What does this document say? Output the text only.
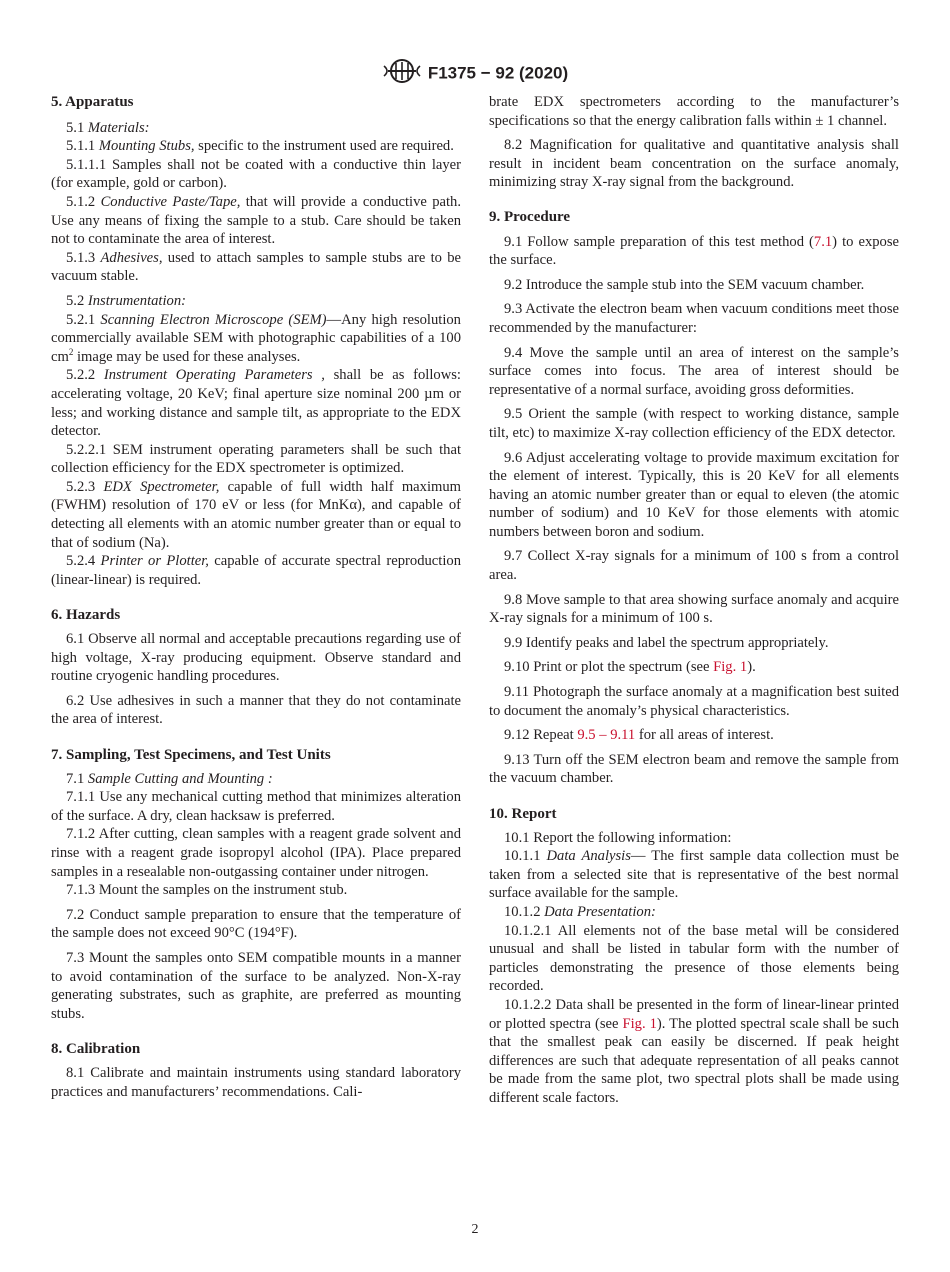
F1375 − 92 (2020)
5. Apparatus

5.1 Materials:

5.1.1 Mounting Stubs, specific to the instrument used are required.

5.1.1.1 Samples shall not be coated with a conductive thin layer (for example, gold or carbon).

5.1.2 Conductive Paste/Tape, that will provide a conductive path. Use any means of fixing the sample to a stub. Care should be taken not to contaminate the area of interest.

5.1.3 Adhesives, used to attach samples to sample stubs are to be vacuum stable.

5.2 Instrumentation:

5.2.1 Scanning Electron Microscope (SEM)—Any high resolution commercially available SEM with photographic capabilities of a 100 $cm^2$ image may be used for these analyses.

5.2.2 Instrument Operating Parameters , shall be as follows: accelerating voltage, 20 KeV; final aperture size nominal 200 µm or less; and working distance and sample tilt, as appropriate to the EDX detector.

5.2.2.1 SEM instrument operating parameters shall be such that collection efficiency for the EDX spectrometer is optimized.

5.2.3 EDX Spectrometer, capable of full width half maximum (FWHM) resolution of 170 eV or less (for MnKα), and capable of detecting all elements with an atomic number greater than or equal to that of sodium (Na).

5.2.4 Printer or Plotter, capable of accurate spectral reproduction (linear-linear) is required.

6. Hazards

6.1 Observe all normal and acceptable precautions regarding use of high voltage, X-ray producing equipment. Observe standard and routine cryogenic handling procedures.

6.2 Use adhesives in such a manner that they do not contaminate the area of interest.

7. Sampling, Test Specimens, and Test Units

7.1 Sample Cutting and Mounting :

7.1.1 Use any mechanical cutting method that minimizes alteration of the surface. A dry, clean hacksaw is preferred.

7.1.2 After cutting, clean samples with a reagent grade solvent and rinse with a reagent grade isopropyl alcohol (IPA). Place prepared samples in a resealable non-outgassing container under nitrogen.

7.1.3 Mount the samples on the instrument stub.

7.2 Conduct sample preparation to ensure that the temperature of the sample does not exceed 90°C (194°F).

7.3 Mount the samples onto SEM compatible mounts in a manner to avoid contamination of the surface to be analyzed. Non-X-ray generating substrates, such as graphite, are preferred as mounting stubs.

8. Calibration

8.1 Calibrate and maintain instruments using standard laboratory practices and manufacturers’ recommendations. Cali-

brate EDX spectrometers according to the manufacturer’s specifications so that the energy calibration falls within ± 1 channel.

8.2 Magnification for qualitative and quantitative analysis shall result in incident beam concentration on the surface anomaly, minimizing stray X-ray signal from the background.

9. Procedure

9.1 Follow sample preparation of this test method (7.1) to expose the surface.

9.2 Introduce the sample stub into the SEM vacuum chamber.

9.3 Activate the electron beam when vacuum conditions meet those recommended by the manufacturer:

9.4 Move the sample until an area of interest on the sample’s surface comes into focus. The area of interest should be representative of a normal surface, avoiding gross deformities.

9.5 Orient the sample (with respect to working distance, sample tilt, etc) to maximize X-ray collection efficiency of the EDX detector.

9.6 Adjust accelerating voltage to provide maximum excitation for the element of interest. Typically, this is 20 KeV for all elements having an atomic number greater than or equal to eleven (the atomic number of sodium) and 10 KeV for those elements with atomic numbers between boron and sodium.

9.7 Collect X-ray signals for a minimum of 100 s from a control area.

9.8 Move sample to that area showing surface anomaly and acquire X-ray signals for a minimum of 100 s.

9.9 Identify peaks and label the spectrum appropriately.

9.10 Print or plot the spectrum (see Fig. 1).

9.11 Photograph the surface anomaly at a magnification best suited to document the anomaly’s physical characteristics.

9.12 Repeat 9.5 – 9.11 for all areas of interest.

9.13 Turn off the SEM electron beam and remove the sample from the vacuum chamber.

10. Report

10.1 Report the following information:

10.1.1 Data Analysis— The first sample data collection must be taken from a selected site that is representative of the best normal surface available for the sample.

10.1.2 Data Presentation:

10.1.2.1 All elements not of the base metal will be considered unusual and shall be listed in tabular form with the number of particles demonstrating the presence of those elements being recorded.

10.1.2.2 Data shall be presented in the form of linear-linear printed or plotted spectra (see Fig. 1). The plotted spectral scale shall be such that the smallest peak can easily be discerned. If peak height differences are such that adequate representation of all peaks cannot be made from the same plot, two spectral plots shall be made using different scale factors.

2
